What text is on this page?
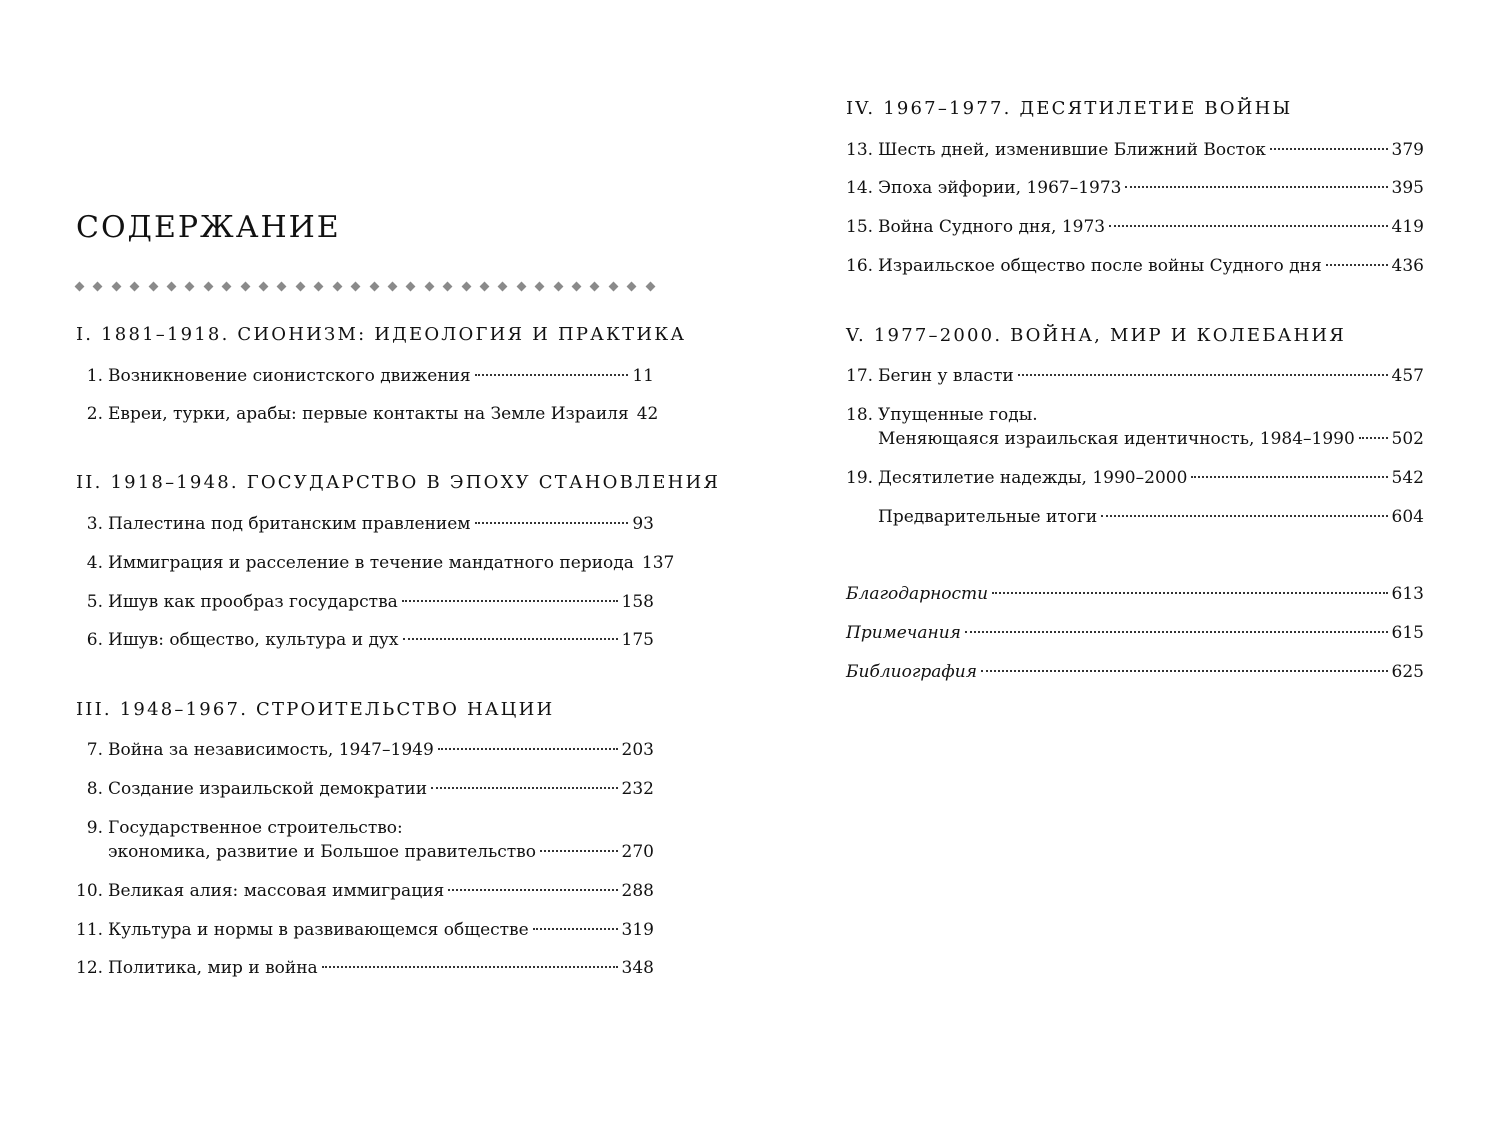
СОДЕРЖАНИЕ
I. 1881–1918. СИОНИЗМ: ИДЕОЛОГИЯ И ПРАКТИКА
1. Возникновение сионистского движения	11
2. Евреи, турки, арабы: первые контакты на Земле Израиля 42
II. 1918–1948. ГОСУДАРСТВО В ЭПОХУ СТАНОВЛЕНИЯ
3. Палестина под британским правлением	93
4. Иммиграция и расселение в течение мандатного периода 137
5. Ишув как прообраз государства	158
6. Ишув: общество, культура и дух	175
III. 1948–1967. СТРОИТЕЛЬСТВО НАЦИИ
7. Война за независимость, 1947–1949	203
8. Создание израильской демократии	232
9. Государственное строительство:
экономика, развитие и Большое правительство	270
10. Великая алия: массовая иммиграция	288
11. Культура и нормы в развивающемся обществе	319
12. Политика, мир и война	348
IV. 1967–1977. ДЕСЯТИЛЕТИЕ ВОЙНЫ
13. Шесть дней, изменившие Ближний Восток	379
14. Эпоха эйфории, 1967–1973	395
15. Война Судного дня, 1973	419
16. Израильское общество после войны Судного дня	436
V. 1977–2000. ВОЙНА, МИР И КОЛЕБАНИЯ
17. Бегин у власти	457
18. Упущенные годы.
Меняющаяся израильская идентичность, 1984–1990 502
19. Десятилетие надежды, 1990–2000	542
Предварительные итоги	604
Благодарности	613
Примечания	615
Библиография	625
